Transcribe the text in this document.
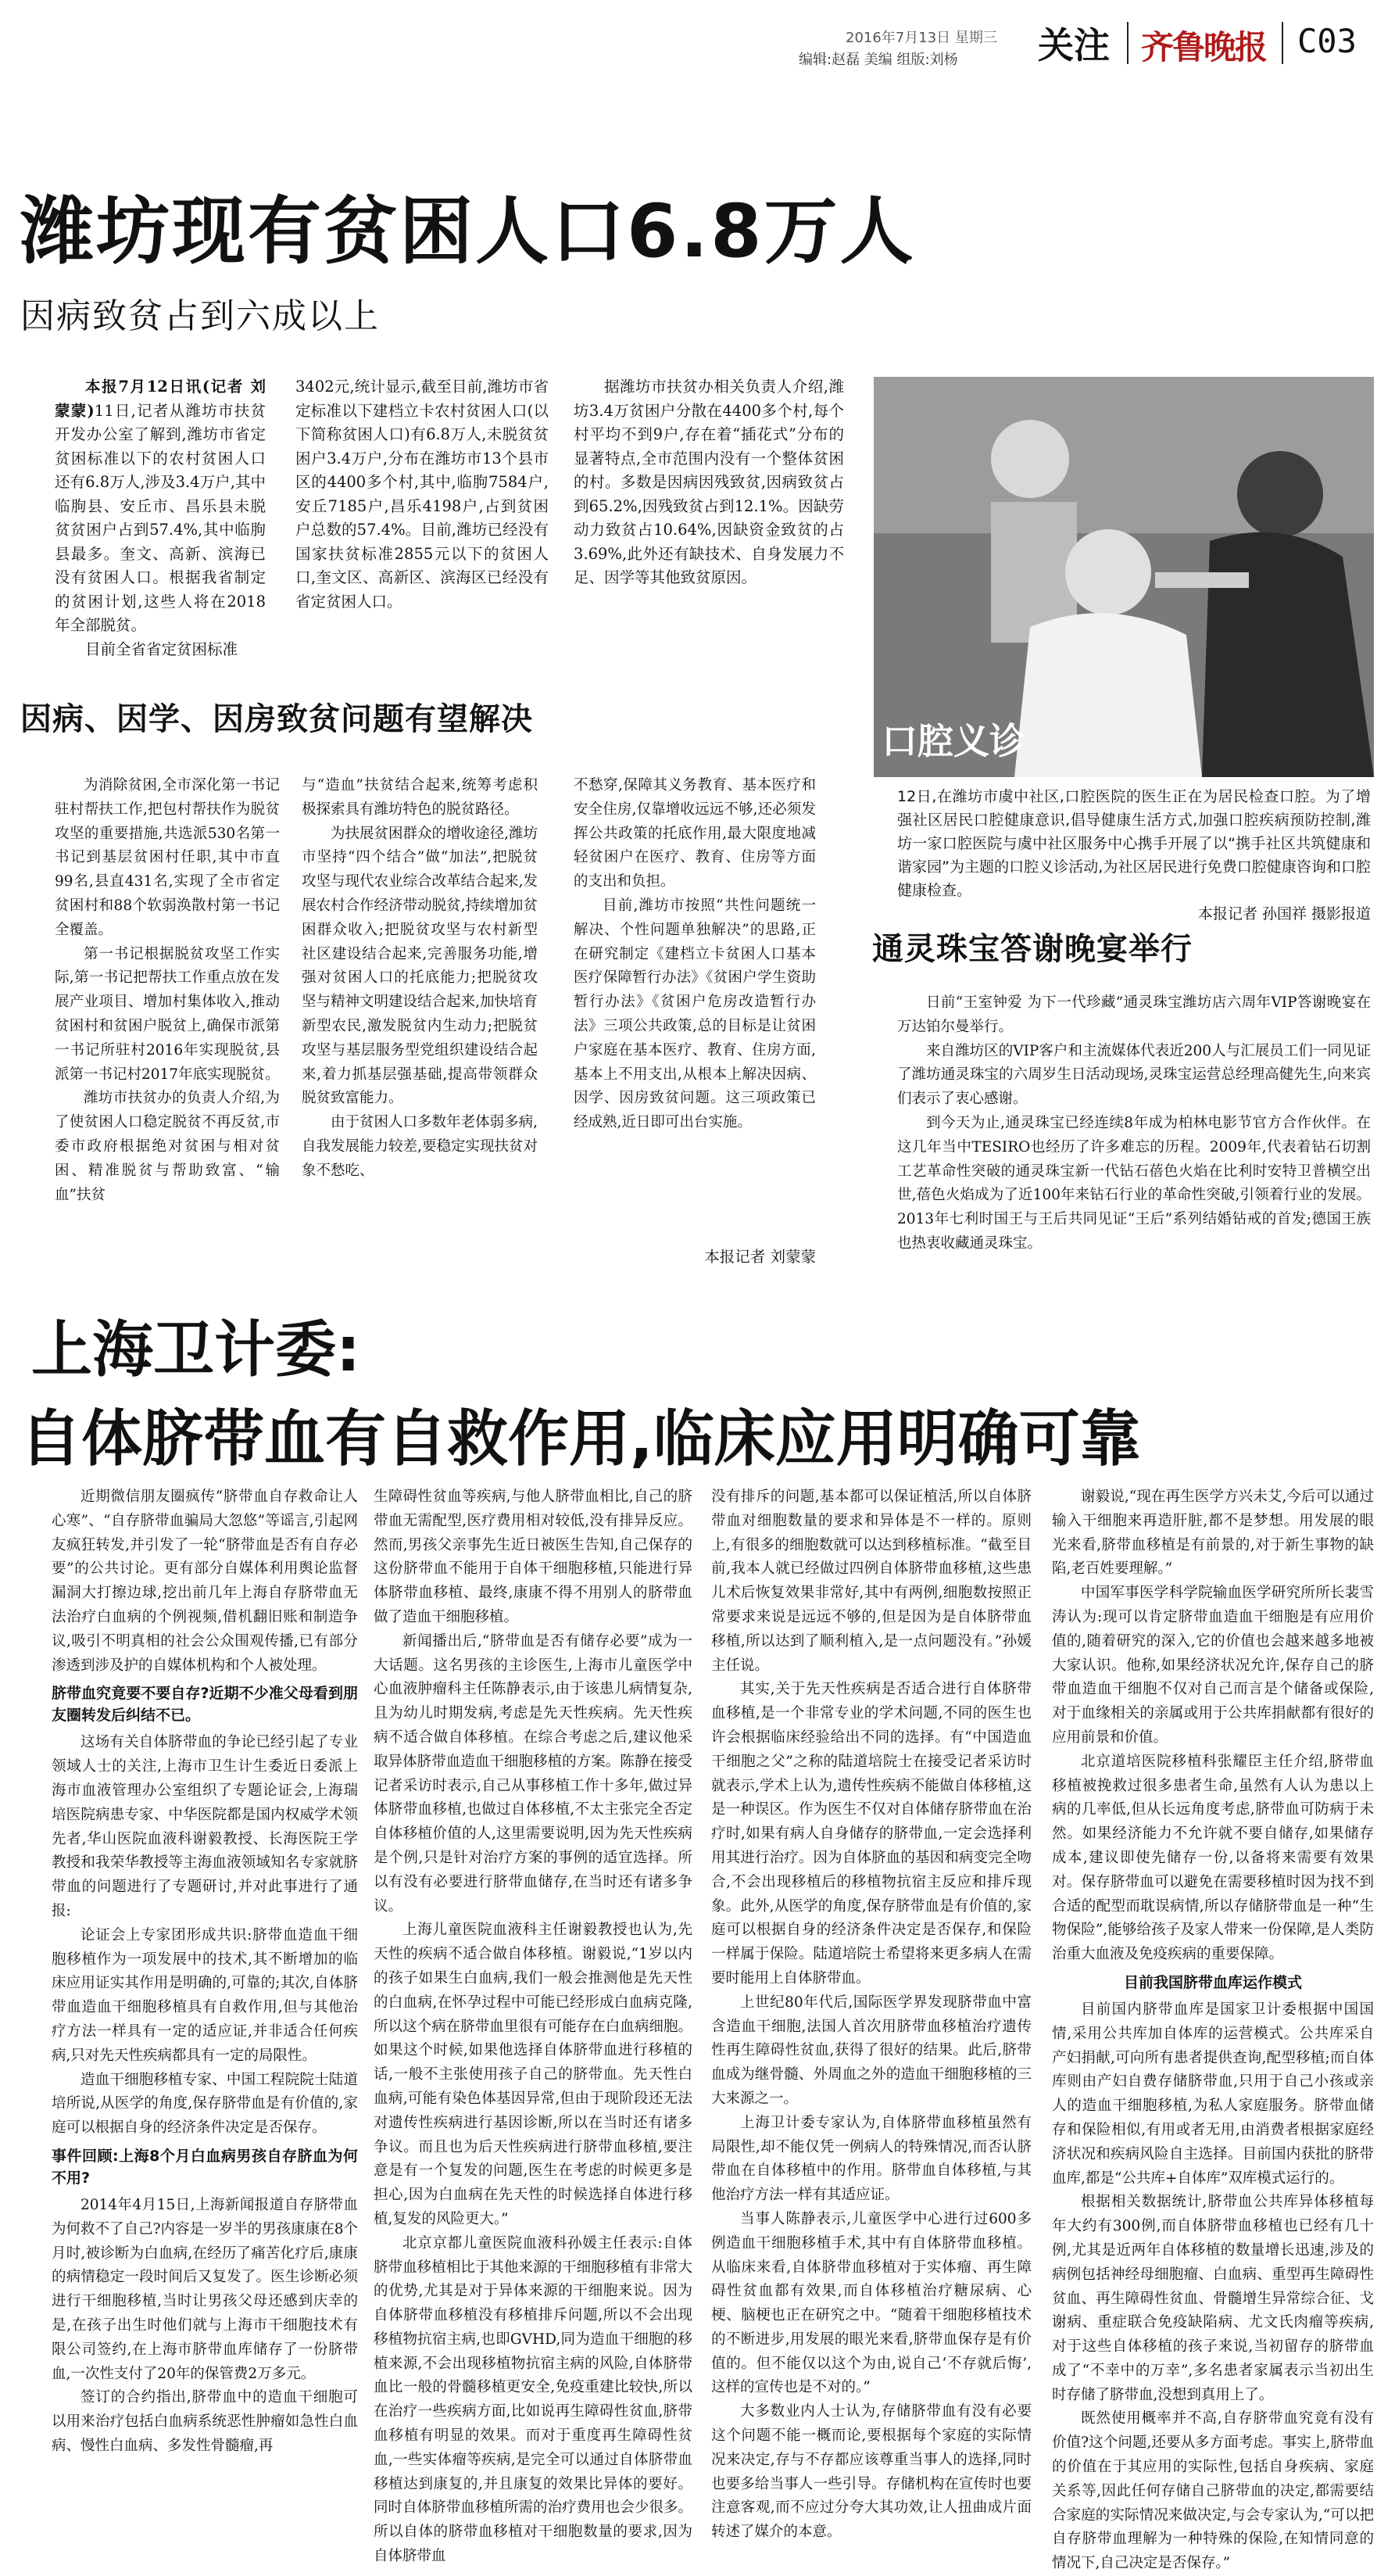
2016年7月13日 星期三
编辑:赵磊 美编 组版:刘杨 关注 齐鲁晚报 C03
潍坊现有贫困人口6.8万人
因病致贫占到六成以上

本报7月12日讯(记者 刘蒙蒙)11日,记者从潍坊市扶贫开发办公室了解到,潍坊市省定贫困标准以下的农村贫困人口还有6.8万人,涉及3.4万户,其中临朐县、安丘市、昌乐县未脱贫贫困户占到57.4%,其中临朐县最多。奎文、高新、滨海已没有贫困人口。根据我省制定的贫困计划,这些人将在2018年全部脱贫。

目前全省省定贫困标准

3402元,统计显示,截至目前,潍坊市省定标准以下建档立卡农村贫困人口(以下简称贫困人口)有6.8万人,未脱贫贫困户3.4万户,分布在潍坊市13个县市区的4400多个村,其中,临朐7584户,安丘7185户,昌乐4198户,占到贫困户总数的57.4%。目前,潍坊已经没有国家扶贫标准2855元以下的贫困人口,奎文区、高新区、滨海区已经没有省定贫困人口。

据潍坊市扶贫办相关负责人介绍,潍坊3.4万贫困户分散在4400多个村,每个村平均不到9户,存在着“插花式”分布的显著特点,全市范围内没有一个整体贫困的村。多数是因病因残致贫,因病致贫占到65.2%,因残致贫占到12.1%。因缺劳动力致贫占10.64%,因缺资金致贫的占3.69%,此外还有缺技术、自身发展力不足、因学等其他致贫原因。

因病、因学、因房致贫问题有望解决

为消除贫困,全市深化第一书记驻村帮扶工作,把包村帮扶作为脱贫攻坚的重要措施,共选派530名第一书记到基层贫困村任职,其中市直99名,县直431名,实现了全市省定贫困村和88个软弱涣散村第一书记全覆盖。

第一书记根据脱贫攻坚工作实际,第一书记把帮扶工作重点放在发展产业项目、增加村集体收入,推动贫困村和贫困户脱贫上,确保市派第一书记所驻村2016年实现脱贫,县派第一书记村2017年底实现脱贫。

潍坊市扶贫办的负责人介绍,为了使贫困人口稳定脱贫不再反贫,市委市政府根据绝对贫困与相对贫困、精准脱贫与帮助致富、“输血”扶贫

与“造血”扶贫结合起来,统筹考虑积极探索具有潍坊特色的脱贫路径。

为扶展贫困群众的增收途径,潍坊市坚持“四个结合”做“加法”,把脱贫攻坚与现代农业综合改革结合起来,发展农村合作经济带动脱贫,持续增加贫困群众收入;把脱贫攻坚与农村新型社区建设结合起来,完善服务功能,增强对贫困人口的托底能力;把脱贫攻坚与精神文明建设结合起来,加快培育新型农民,激发脱贫内生动力;把脱贫攻坚与基层服务型党组织建设结合起来,着力抓基层强基础,提高带领群众脱贫致富能力。

由于贫困人口多数年老体弱多病,自我发展能力较差,要稳定实现扶贫对象不愁吃、

不愁穿,保障其义务教育、基本医疗和安全住房,仅靠增收远远不够,还必须发挥公共政策的托底作用,最大限度地减轻贫困户在医疗、教育、住房等方面的支出和负担。

目前,潍坊市按照“共性问题统一解决、个性问题单独解决”的思路,正在研究制定《建档立卡贫困人口基本医疗保障暂行办法》《贫困户学生资助暂行办法》《贫困户危房改造暂行办法》三项公共政策,总的目标是让贫困户家庭在基本医疗、教育、住房方面,基本上不用支出,从根本上解决因病、因学、因房致贫问题。这三项政策已经成熟,近日即可出台实施。

本报记者 刘蒙蒙
口腔义诊
12日,在潍坊市虞中社区,口腔医院的医生正在为居民检查口腔。为了增强社区居民口腔健康意识,倡导健康生活方式,加强口腔疾病预防控制,潍坊一家口腔医院与虞中社区服务中心携手开展了以“携手社区共筑健康和谐家园”为主题的口腔义诊活动,为社区居民进行免费口腔健康咨询和口腔健康检查。
本报记者 孙国祥 摄影报道
通灵珠宝答谢晚宴举行

日前“王室钟爱 为下一代珍藏”通灵珠宝潍坊店六周年VIP答谢晚宴在万达铂尔曼举行。

来自潍坊区的VIP客户和主流媒体代表近200人与汇展员工们一同见证了潍坊通灵珠宝的六周岁生日活动现场,灵珠宝运营总经理高健先生,向来宾们表示了衷心感谢。

到今天为止,通灵珠宝已经连续8年成为柏林电影节官方合作伙伴。在这几年当中TESIRO也经历了许多难忘的历程。2009年,代表着钻石切割工艺革命性突破的通灵珠宝新一代钻石蓓色火焰在比利时安特卫普横空出世,蓓色火焰成为了近100年来钻石行业的革命性突破,引领着行业的发展。2013年七利时国王与王后共同见证“王后”系列结婚钻戒的首发;德国王族也热衷收藏通灵珠宝。

上海卫计委:
自体脐带血有自救作用,临床应用明确可靠

近期微信朋友圈疯传“脐带血自存救命让人心寒”、“自存脐带血骗局大忽悠”等谣言,引起网友疯狂转发,并引发了一轮“脐带血是否有自存必要”的公共讨论。更有部分自媒体利用舆论监督漏洞大打擦边球,挖出前几年上海自存脐带血无法治疗白血病的个例视频,借机翻旧账和制造争议,吸引不明真相的社会公众围观传播,已有部分渗透到涉及护的自媒体机构和个人被处理。

脐带血究竟要不要自存?近期不少准父母看到朋友圈转发后纠结不已。

这场有关自体脐带血的争论已经引起了专业领域人士的关注,上海市卫生计生委近日委派上海市血液管理办公室组织了专题论证会,上海瑞培医院病患专家、中华医院都是国内权威学术领先者,华山医院血液科谢毅教授、长海医院王学教授和我荣华教授等主海血液领域知名专家就脐带血的问题进行了专题研讨,并对此事进行了通报:

论证会上专家团形成共识:脐带血造血干细胞移植作为一项发展中的技术,其不断增加的临床应用证实其作用是明确的,可靠的;其次,自体脐带血造血干细胞移植具有自救作用,但与其他治疗方法一样具有一定的适应证,并非适合任何疾病,只对先天性疾病都具有一定的局限性。

造血干细胞移植专家、中国工程院院士陆道培所说,从医学的角度,保存脐带血是有价值的,家庭可以根据自身的经济条件决定是否保存。

事件回顾:上海8个月白血病男孩自存脐血为何不用?

2014年4月15日,上海新闻报道自存脐带血为何救不了自己?内容是一岁半的男孩康康在8个月时,被诊断为白血病,在经历了痛苦化疗后,康康的病情稳定一段时间后又复发了。医生诊断必须进行干细胞移植,当时让男孩父母还感到庆幸的是,在孩子出生时他们就与上海市干细胞技术有限公司签约,在上海市脐带血库储存了一份脐带血,一次性支付了20年的保管费2万多元。

签订的合约指出,脐带血中的造血干细胞可以用来治疗包括白血病系统恶性肿瘤如急性白血病、慢性白血病、多发性骨髓瘤,再

生障碍性贫血等疾病,与他人脐带血相比,自己的脐带血无需配型,医疗费用相对较低,没有排异反应。然而,男孩父亲事先生近日被医生告知,自己保存的这份脐带血不能用于自体干细胞移植,只能进行异体脐带血移植、最终,康康不得不用别人的脐带血做了造血干细胞移植。

新闻播出后,“脐带血是否有储存必要”成为一大话题。这名男孩的主诊医生,上海市儿童医学中心血液肿瘤科主任陈静表示,由于该患儿病情复杂,且为幼儿时期发病,考虑是先天性疾病。先天性疾病不适合做自体移植。在综合考虑之后,建议他采取异体脐带血造血干细胞移植的方案。陈静在接受记者采访时表示,自己从事移植工作十多年,做过异体脐带血移植,也做过自体移植,不太主张完全否定自体移植价值的人,这里需要说明,因为先天性疾病是个例,只是针对治疗方案的事例的适宜选择。所以有没有必要进行脐带血储存,在当时还有诸多争议。

上海儿童医院血液科主任谢毅教授也认为,先天性的疾病不适合做自体移植。谢毅说,“1岁以内的孩子如果生白血病,我们一般会推测他是先天性的白血病,在怀孕过程中可能已经形成白血病克隆,所以这个病在脐带血里很有可能存在白血病细胞。如果这个时候,如果他选择自体脐带血进行移植的话,一般不主张使用孩子自己的脐带血。先天性白血病,可能有染色体基因异常,但由于现阶段还无法对遗传性疾病进行基因诊断,所以在当时还有诸多争议。而且也为后天性疾病进行脐带血移植,要注意是有一个复发的问题,医生在考虑的时候更多是担心,因为白血病在先天性的时候选择自体进行移植,复发的风险更大。”

北京京都儿童医院血液科孙媛主任表示:自体脐带血移植相比于其他来源的干细胞移植有非常大的优势,尤其是对于异体来源的干细胞来说。因为自体脐带血移植没有移植排斥问题,所以不会出现移植物抗宿主病,也即GVHD,同为造血干细胞的移植来源,不会出现移植物抗宿主病的风险,自体脐带血比一般的骨髓移植更安全,免疫重建比较快,所以在治疗一些疾病方面,比如说再生障碍性贫血,脐带血移植有明显的效果。而对于重度再生障碍性贫血,一些实体瘤等疾病,是完全可以通过自体脐带血移植达到康复的,并且康复的效果比异体的要好。同时自体脐带血移植所需的治疗费用也会少很多。所以自体的脐带血移植对干细胞数量的要求,因为自体脐带血

没有排斥的问题,基本都可以保证植活,所以自体脐带血对细胞数量的要求和异体是不一样的。原则上,有很多的细胞数就可以达到移植标准。“截至目前,我本人就已经做过四例自体脐带血移植,这些患儿术后恢复效果非常好,其中有两例,细胞数按照正常要求来说是远远不够的,但是因为是自体脐带血移植,所以达到了顺利植入,是一点问题没有。”孙媛主任说。

其实,关于先天性疾病是否适合进行自体脐带血移植,是一个非常专业的学术问题,不同的医生也许会根据临床经验给出不同的选择。有“中国造血干细胞之父”之称的陆道培院士在接受记者采访时就表示,学术上认为,遗传性疾病不能做自体移植,这是一种误区。作为医生不仅对自体储存脐带血在治疗时,如果有病人自身储存的脐带血,一定会选择利用其进行治疗。因为自体脐血的基因和病变完全吻合,不会出现移植后的移植物抗宿主反应和排斥现象。此外,从医学的角度,保存脐带血是有价值的,家庭可以根据自身的经济条件决定是否保存,和保险一样属于保险。陆道培院士希望将来更多病人在需要时能用上自体脐带血。

上世纪80年代后,国际医学界发现脐带血中富含造血干细胞,法国人首次用脐带血移植治疗遗传性再生障碍性贫血,获得了很好的结果。此后,脐带血成为继骨髓、外周血之外的造血干细胞移植的三大来源之一。

上海卫计委专家认为,自体脐带血移植虽然有局限性,却不能仅凭一例病人的特殊情况,而否认脐带血在自体移植中的作用。脐带血自体移植,与其他治疗方法一样有其适应证。

当事人陈静表示,儿童医学中心进行过600多例造血干细胞移植手术,其中有自体脐带血移植。从临床来看,自体脐带血移植对于实体瘤、再生障碍性贫血都有效果,而自体移植治疗糖尿病、心梗、脑梗也正在研究之中。“随着干细胞移植技术的不断进步,用发展的眼光来看,脐带血保存是有价值的。但不能仅以这个为由,说自己‘不存就后悔’,这样的宣传也是不对的。”

大多数业内人士认为,存储脐带血有没有必要这个问题不能一概而论,要根据每个家庭的实际情况来决定,存与不存都应该尊重当事人的选择,同时也要多给当事人一些引导。存储机构在宣传时也要注意客观,而不应过分夸大其功效,让人扭曲成片面转述了媒介的本意。

谢毅说,“现在再生医学方兴未艾,今后可以通过输入干细胞来再造肝脏,都不是梦想。用发展的眼光来看,脐带血移植是有前景的,对于新生事物的缺陷,老百姓要理解。”

中国军事医学科学院输血医学研究所所长裴雪涛认为:现可以肯定脐带血造血干细胞是有应用价值的,随着研究的深入,它的价值也会越来越多地被大家认识。他称,如果经济状况允许,保存自己的脐带血造血干细胞不仅对自己而言是个储备或保险,对于血缘相关的亲属或用于公共库捐献都有很好的应用前景和价值。

北京道培医院移植科张耀臣主任介绍,脐带血移植被挽救过很多患者生命,虽然有人认为患以上病的几率低,但从长远角度考虑,脐带血可防病于未然。如果经济能力不允许就不要自储存,如果储存成本,建议即使先储存一份,以备将来需要有效果对。保存脐带血可以避免在需要移植时因为找不到合适的配型而耽误病情,所以存储脐带血是一种“生物保险”,能够给孩子及家人带来一份保障,是人类防治重大血液及免疫疾病的重要保障。

目前我国脐带血库运作模式

目前国内脐带血库是国家卫计委根据中国国情,采用公共库加自体库的运营模式。公共库采自产妇捐献,可向所有患者提供查询,配型移植;而自体库则由产妇自费存储脐带血,只用于自己小孩或亲人的造血干细胞移植,为私人家庭服务。脐带血储存和保险相似,有用或者无用,由消费者根据家庭经济状况和疾病风险自主选择。目前国内获批的脐带血库,都是“公共库+自体库”双库模式运行的。

根据相关数据统计,脐带血公共库异体移植每年大约有300例,而自体脐带血移植也已经有几十例,尤其是近两年自体移植的数量增长迅速,涉及的病例包括神经母细胞瘤、白血病、重型再生障碍性贫血、再生障碍性贫血、骨髓增生异常综合征、戈谢病、重症联合免疫缺陷病、尤文氏肉瘤等疾病,对于这些自体移植的孩子来说,当初留存的脐带血成了“不幸中的万幸”,多名患者家属表示当初出生时存储了脐带血,没想到真用上了。

既然使用概率并不高,自存脐带血究竟有没有价值?这个问题,还要从多方面考虑。事实上,脐带血的价值在于其应用的实际性,包括自身疾病、家庭关系等,因此任何存储自己脐带血的决定,都需要结合家庭的实际情况来做决定,与会专家认为,“可以把自存脐带血理解为一种特殊的保险,在知情同意的情况下,自己决定是否保存。”
